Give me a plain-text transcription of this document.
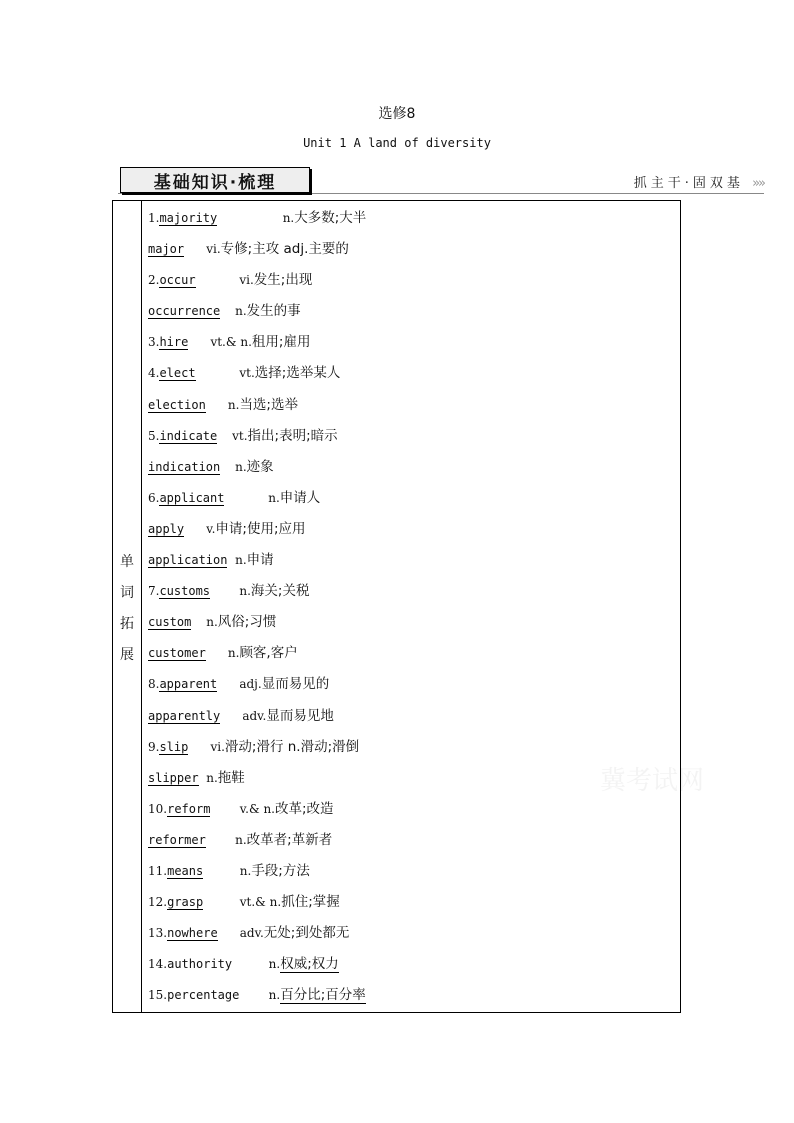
选修8
Unit 1 A land of diversity
基础知识·梳理	抓主干·固双基 »»
冀考试网
单
词
拓
展
1.majority	n.大多数;大半
major vi.专修;主攻 adj.主要的
2.occur	vi.发生;出现
occurrence n.发生的事
3.hire vt.& n.租用;雇用
4.elect	vt.选择;选举某人
election n.当选;选举
5.indicate vt.指出;表明;暗示
indication n.迹象
6.applicant	n.申请人
apply v.申请;使用;应用
application n.申请
7.customs n.海关;关税
custom n.风俗;习惯
customer n.顾客,客户
8.apparent adj.显而易见的
apparently adv.显而易见地
9.slip vi.滑动;滑行 n.滑动;滑倒
slipper n.拖鞋
10.reform v.& n.改革;改造
reformer n.改革者;革新者
11.means	n.手段;方法
12.grasp	vt.& n.抓住;掌握
13.nowhere adv.无处;到处都无
14.authority	n.权威;权力
15.percentage n.百分比;百分率
